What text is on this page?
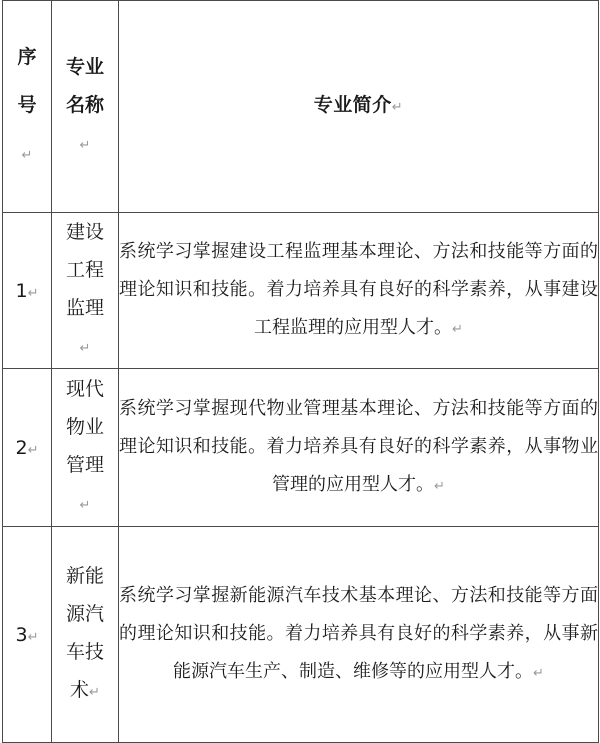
序号↵	专业名称↵	专业简介↵
1↵	建设工程监理↵	系统学习掌握建设工程监理基本理论、方法和技能等方面的理论知识和技能。着力培养具有良好的科学素养，从事建设工程监理的应用型人才。↵
2↵	现代物业管理↵	系统学习掌握现代物业管理基本理论、方法和技能等方面的理论知识和技能。着力培养具有良好的科学素养，从事物业管理的应用型人才。↵
3↵	新能源汽车技术↵	系统学习掌握新能源汽车技术基本理论、方法和技能等方面的理论知识和技能。着力培养具有良好的科学素养，从事新能源汽车生产、制造、维修等的应用型人才。↵
